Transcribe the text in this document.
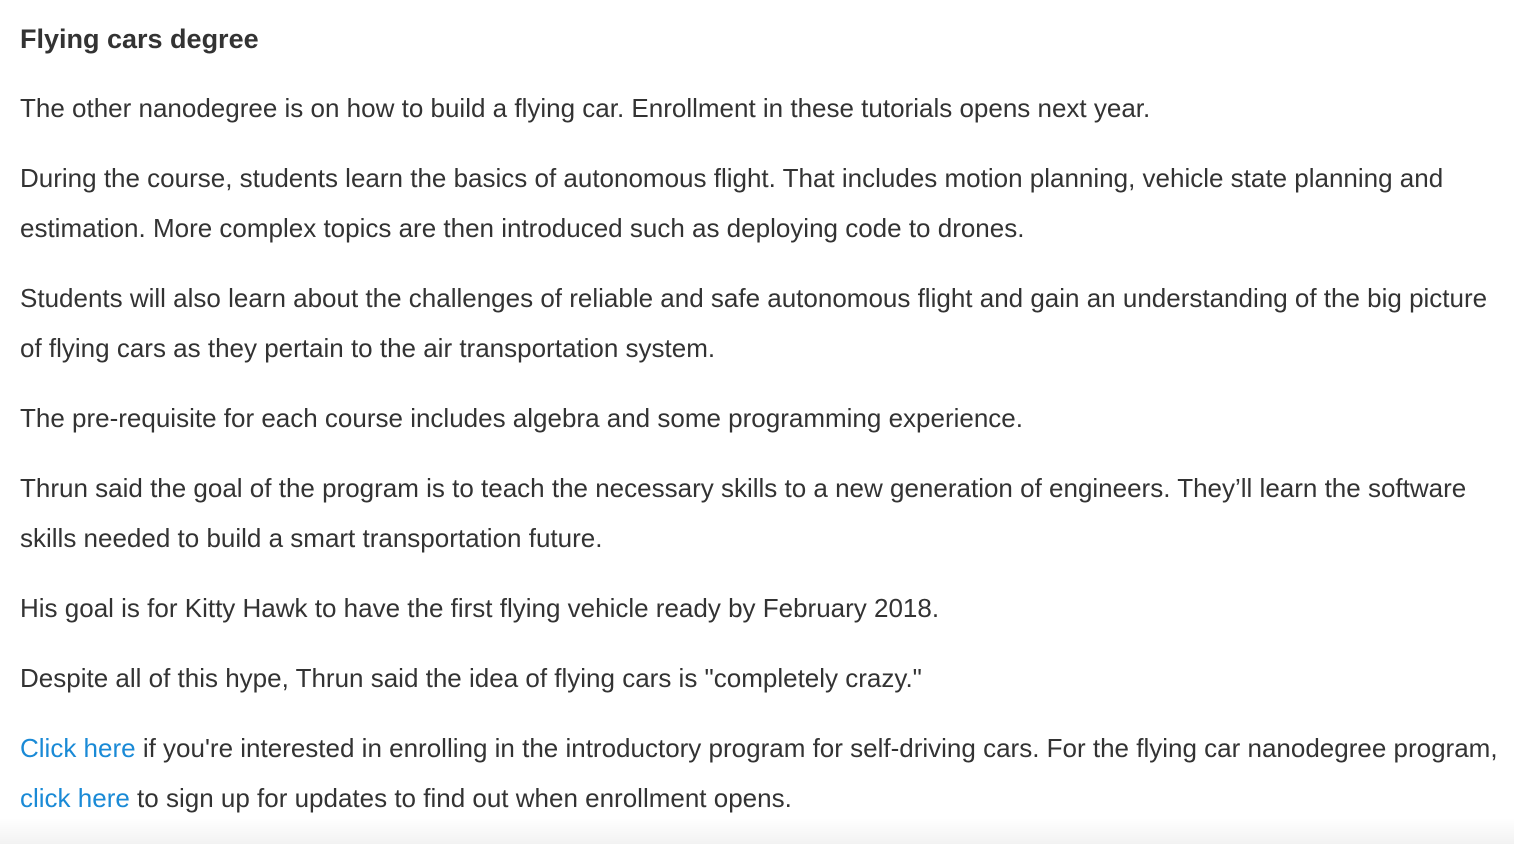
Flying cars degree

The other nanodegree is on how to build a flying car. Enrollment in these tutorials opens next year.

During the course, students learn the basics of autonomous flight. That includes motion planning, vehicle state planning and estimation. More complex topics are then introduced such as deploying code to drones.

Students will also learn about the challenges of reliable and safe autonomous flight and gain an understanding of the big picture of flying cars as they pertain to the air transportation system.

The pre-requisite for each course includes algebra and some programming experience.

Thrun said the goal of the program is to teach the necessary skills to a new generation of engineers. They’ll learn the software skills needed to build a smart transportation future.

His goal is for Kitty Hawk to have the first flying vehicle ready by February 2018.

Despite all of this hype, Thrun said the idea of flying cars is "completely crazy."

Click here if you're interested in enrolling in the introductory program for self-driving cars. For the flying car nanodegree program, click here to sign up for updates to find out when enrollment opens.
